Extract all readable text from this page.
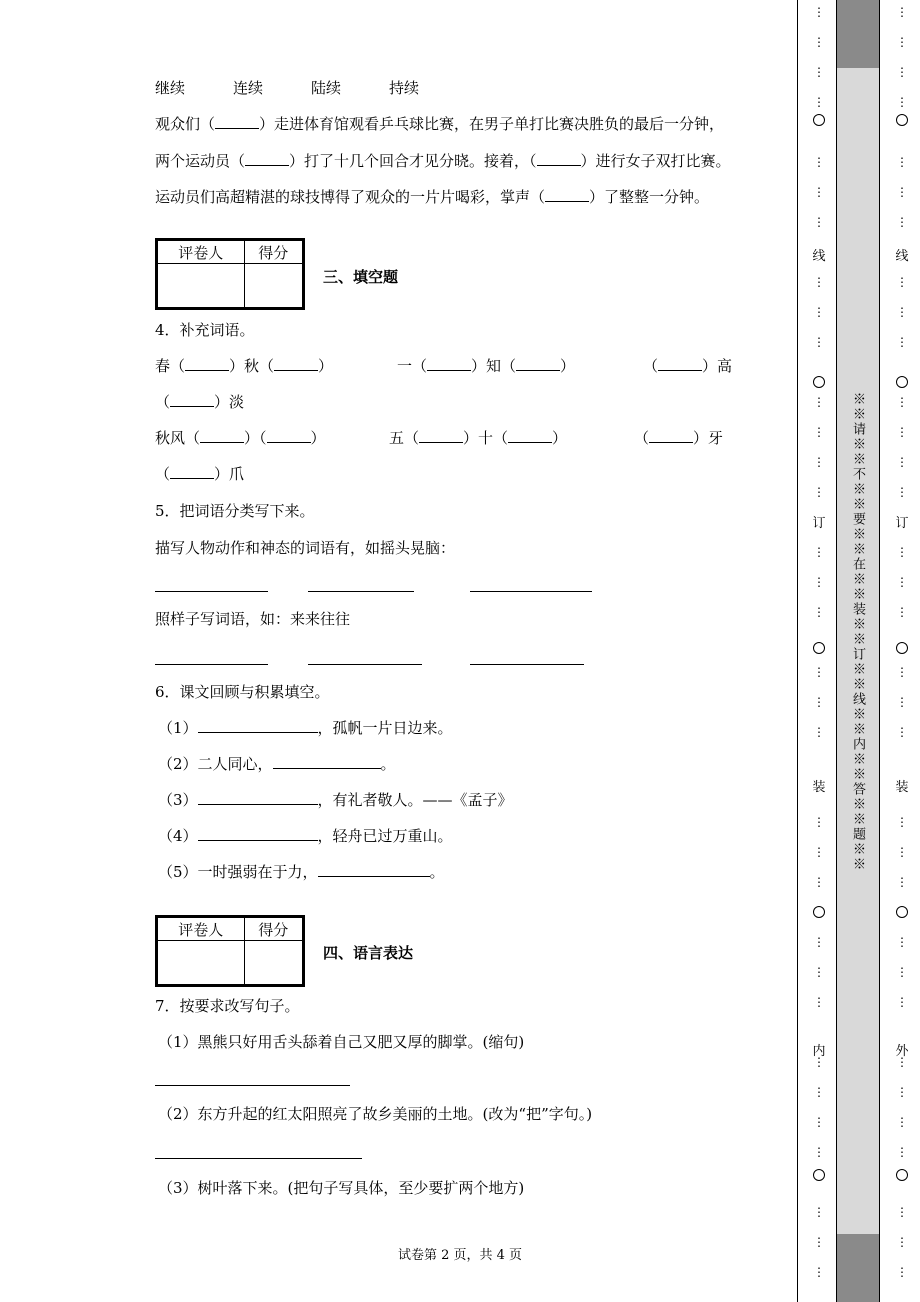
继续	连续	陆续	持续
观众们（	）走进体育馆观看乒乓球比赛，在男子单打比赛决胜负的最后一分钟，
两个运动员（	）打了十几个回合才见分晓。接着，（	）进行女子双打比赛。
运动员们高超精湛的球技博得了观众的一片片喝彩，掌声（	）了整整一分钟。
评卷人	得分

三、填空题
4．补充词语。
春（	）秋（	）	一（	）知（	）	（	）高
（	）淡
秋风（	）（	）	五（	）十（	）	（	）牙
（	）爪
5．把词语分类写下来。
描写人物动作和神态的词语有，如摇头晃脑：
照样子写词语，如：来来往往
6．课文回顾与积累填空。
（1）	，孤帆一片日边来。
（2）二人同心，	。
（3）	，有礼者敬人。——《孟子》
（4）	，轻舟已过万重山。
（5）一时强弱在于力，	。
评卷人	得分

四、语言表达
7．按要求改写句子。
（1）黑熊只好用舌头舔着自己又肥又厚的脚掌。(缩句)
（2）东方升起的红太阳照亮了故乡美丽的土地。(改为“把”字句。)
（3）树叶落下来。(把句子写具体，至少要扩两个地方)
试卷第 2 页，共 4 页
※※请※※不※※要※※在※※装※※订※※线※※内※※答※※题※※
线
订
装
内
线
订
装
外
⋮
⋮
⋮
⋮
⋮
⋮
⋮
⋮
⋮
⋮
⋮
⋮
⋮
⋮
⋮
⋮
⋮
⋮
⋮
⋮
⋮
⋮
⋮
⋮
⋮
⋮
⋮
⋮
⋮
⋮
⋮
⋮
⋮
⋮
⋮
⋮
⋮
⋮
⋮
⋮
⋮
⋮
⋮
⋮
⋮
⋮
⋮
⋮
⋮
⋮
⋮
⋮
⋮
⋮
⋮
⋮
⋮
⋮
⋮
⋮
⋮
⋮
⋮
⋮
⋮
⋮
